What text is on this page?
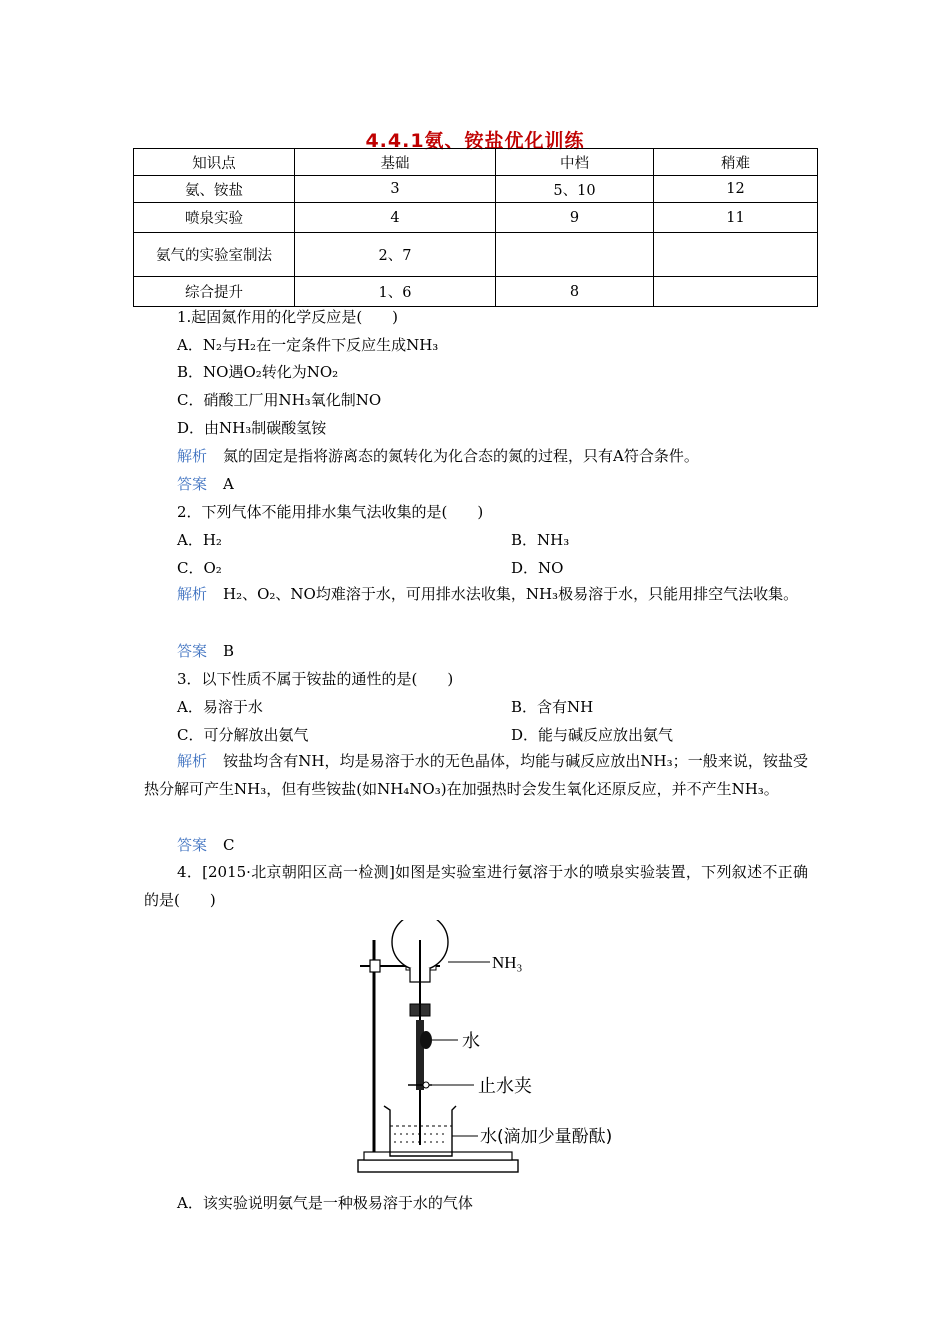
4.4.1氨、铵盐优化训练
知识点	基础	中档	稍难
氨、铵盐	3	5、10	12
喷泉实验	4	9	11
氨气的实验室制法	2、7		
综合提升	1、6	8	
1.起固氮作用的化学反应是(　　)
A．N₂与H₂在一定条件下反应生成NH₃
B．NO遇O₂转化为NO₂
C．硝酸工厂用NH₃氧化制NO
D．由NH₃制碳酸氢铵
解析 氮的固定是指将游离态的氮转化为化合态的氮的过程，只有A符合条件。
答案 A
2．下列气体不能用排水集气法收集的是(　　)
A．H₂	B．NH₃
C．O₂	D．NO
解析 H₂、O₂、NO均难溶于水，可用排水法收集，NH₃极易溶于水，只能用排空气法收集。
答案 B
3．以下性质不属于铵盐的通性的是(　　)
A．易溶于水	B．含有NH
C．可分解放出氨气	D．能与碱反应放出氨气
解析 铵盐均含有NH，均是易溶于水的无色晶体，均能与碱反应放出NH₃；一般来说，铵盐受热分解可产生NH₃，但有些铵盐(如NH₄NO₃)在加强热时会发生氧化还原反应，并不产生NH₃。
答案 C
4．[2015·北京朝阳区高一检测]如图是实验室进行氨溶于水的喷泉实验装置，下列叙述不正确的是(　　)
NH₃
水
止水夹
水(滴加少量酚酞)
A．该实验说明氨气是一种极易溶于水的气体
